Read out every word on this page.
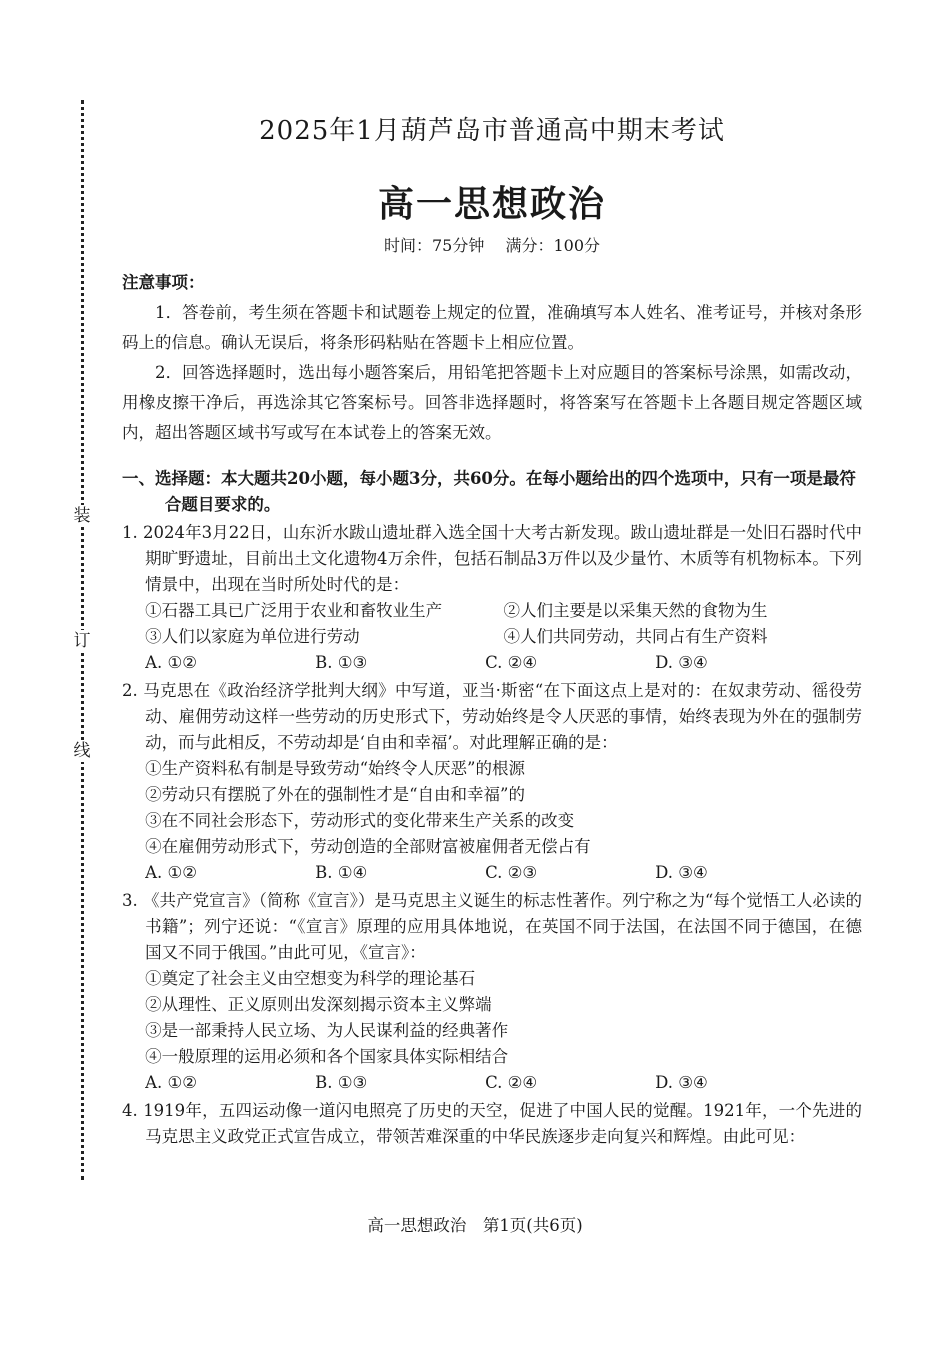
装
订
线
2025年1月葫芦岛市普通高中期末考试
高一思想政治
时间：75分钟 满分：100分
注意事项：

1．答卷前，考生须在答题卡和试题卷上规定的位置，准确填写本人姓名、准考证号，并核对条形码上的信息。确认无误后，将条形码粘贴在答题卡上相应位置。

2．回答选择题时，选出每小题答案后，用铅笔把答题卡上对应题目的答案标号涂黑，如需改动，用橡皮擦干净后，再选涂其它答案标号。回答非选择题时，将答案写在答题卡上各题目规定答题区域内，超出答题区域书写或写在本试卷上的答案无效。

一、选择题：本大题共20小题，每小题3分，共60分。在每小题给出的四个选项中，只有一项是最符合题目要求的。
1. 2024年3月22日，山东沂水跋山遗址群入选全国十大考古新发现。跋山遗址群是一处旧石器时代中期旷野遗址，目前出土文化遗物4万余件，包括石制品3万件以及少量竹、木质等有机物标本。下列情景中，出现在当时所处时代的是：
①石器工具已广泛用于农业和畜牧业生产	②人们主要是以采集天然的食物为生
③人们以家庭为单位进行劳动	④人们共同劳动，共同占有生产资料
A. ①②	B. ①③	C. ②④	D. ③④
2. 马克思在《政治经济学批判大纲》中写道，亚当·斯密“在下面这点上是对的：在奴隶劳动、徭役劳动、雇佣劳动这样一些劳动的历史形式下，劳动始终是令人厌恶的事情，始终表现为外在的强制劳动，而与此相反，不劳动却是‘自由和幸福’。对此理解正确的是：
①生产资料私有制是导致劳动“始终令人厌恶”的根源
②劳动只有摆脱了外在的强制性才是“自由和幸福”的
③在不同社会形态下，劳动形式的变化带来生产关系的改变
④在雇佣劳动形式下，劳动创造的全部财富被雇佣者无偿占有
A. ①②	B. ①④	C. ②③	D. ③④
3. 《共产党宣言》（简称《宣言》）是马克思主义诞生的标志性著作。列宁称之为“每个觉悟工人必读的书籍”；列宁还说：“《宣言》原理的应用具体地说，在英国不同于法国，在法国不同于德国，在德国又不同于俄国。”由此可见，《宣言》：
①奠定了社会主义由空想变为科学的理论基石
②从理性、正义原则出发深刻揭示资本主义弊端
③是一部秉持人民立场、为人民谋利益的经典著作
④一般原理的运用必须和各个国家具体实际相结合
A. ①②	B. ①③	C. ②④	D. ③④
4. 1919年，五四运动像一道闪电照亮了历史的天空，促进了中国人民的觉醒。1921年，一个先进的马克思主义政党正式宣告成立，带领苦难深重的中华民族逐步走向复兴和辉煌。由此可见：
高一思想政治　第1页(共6页)
